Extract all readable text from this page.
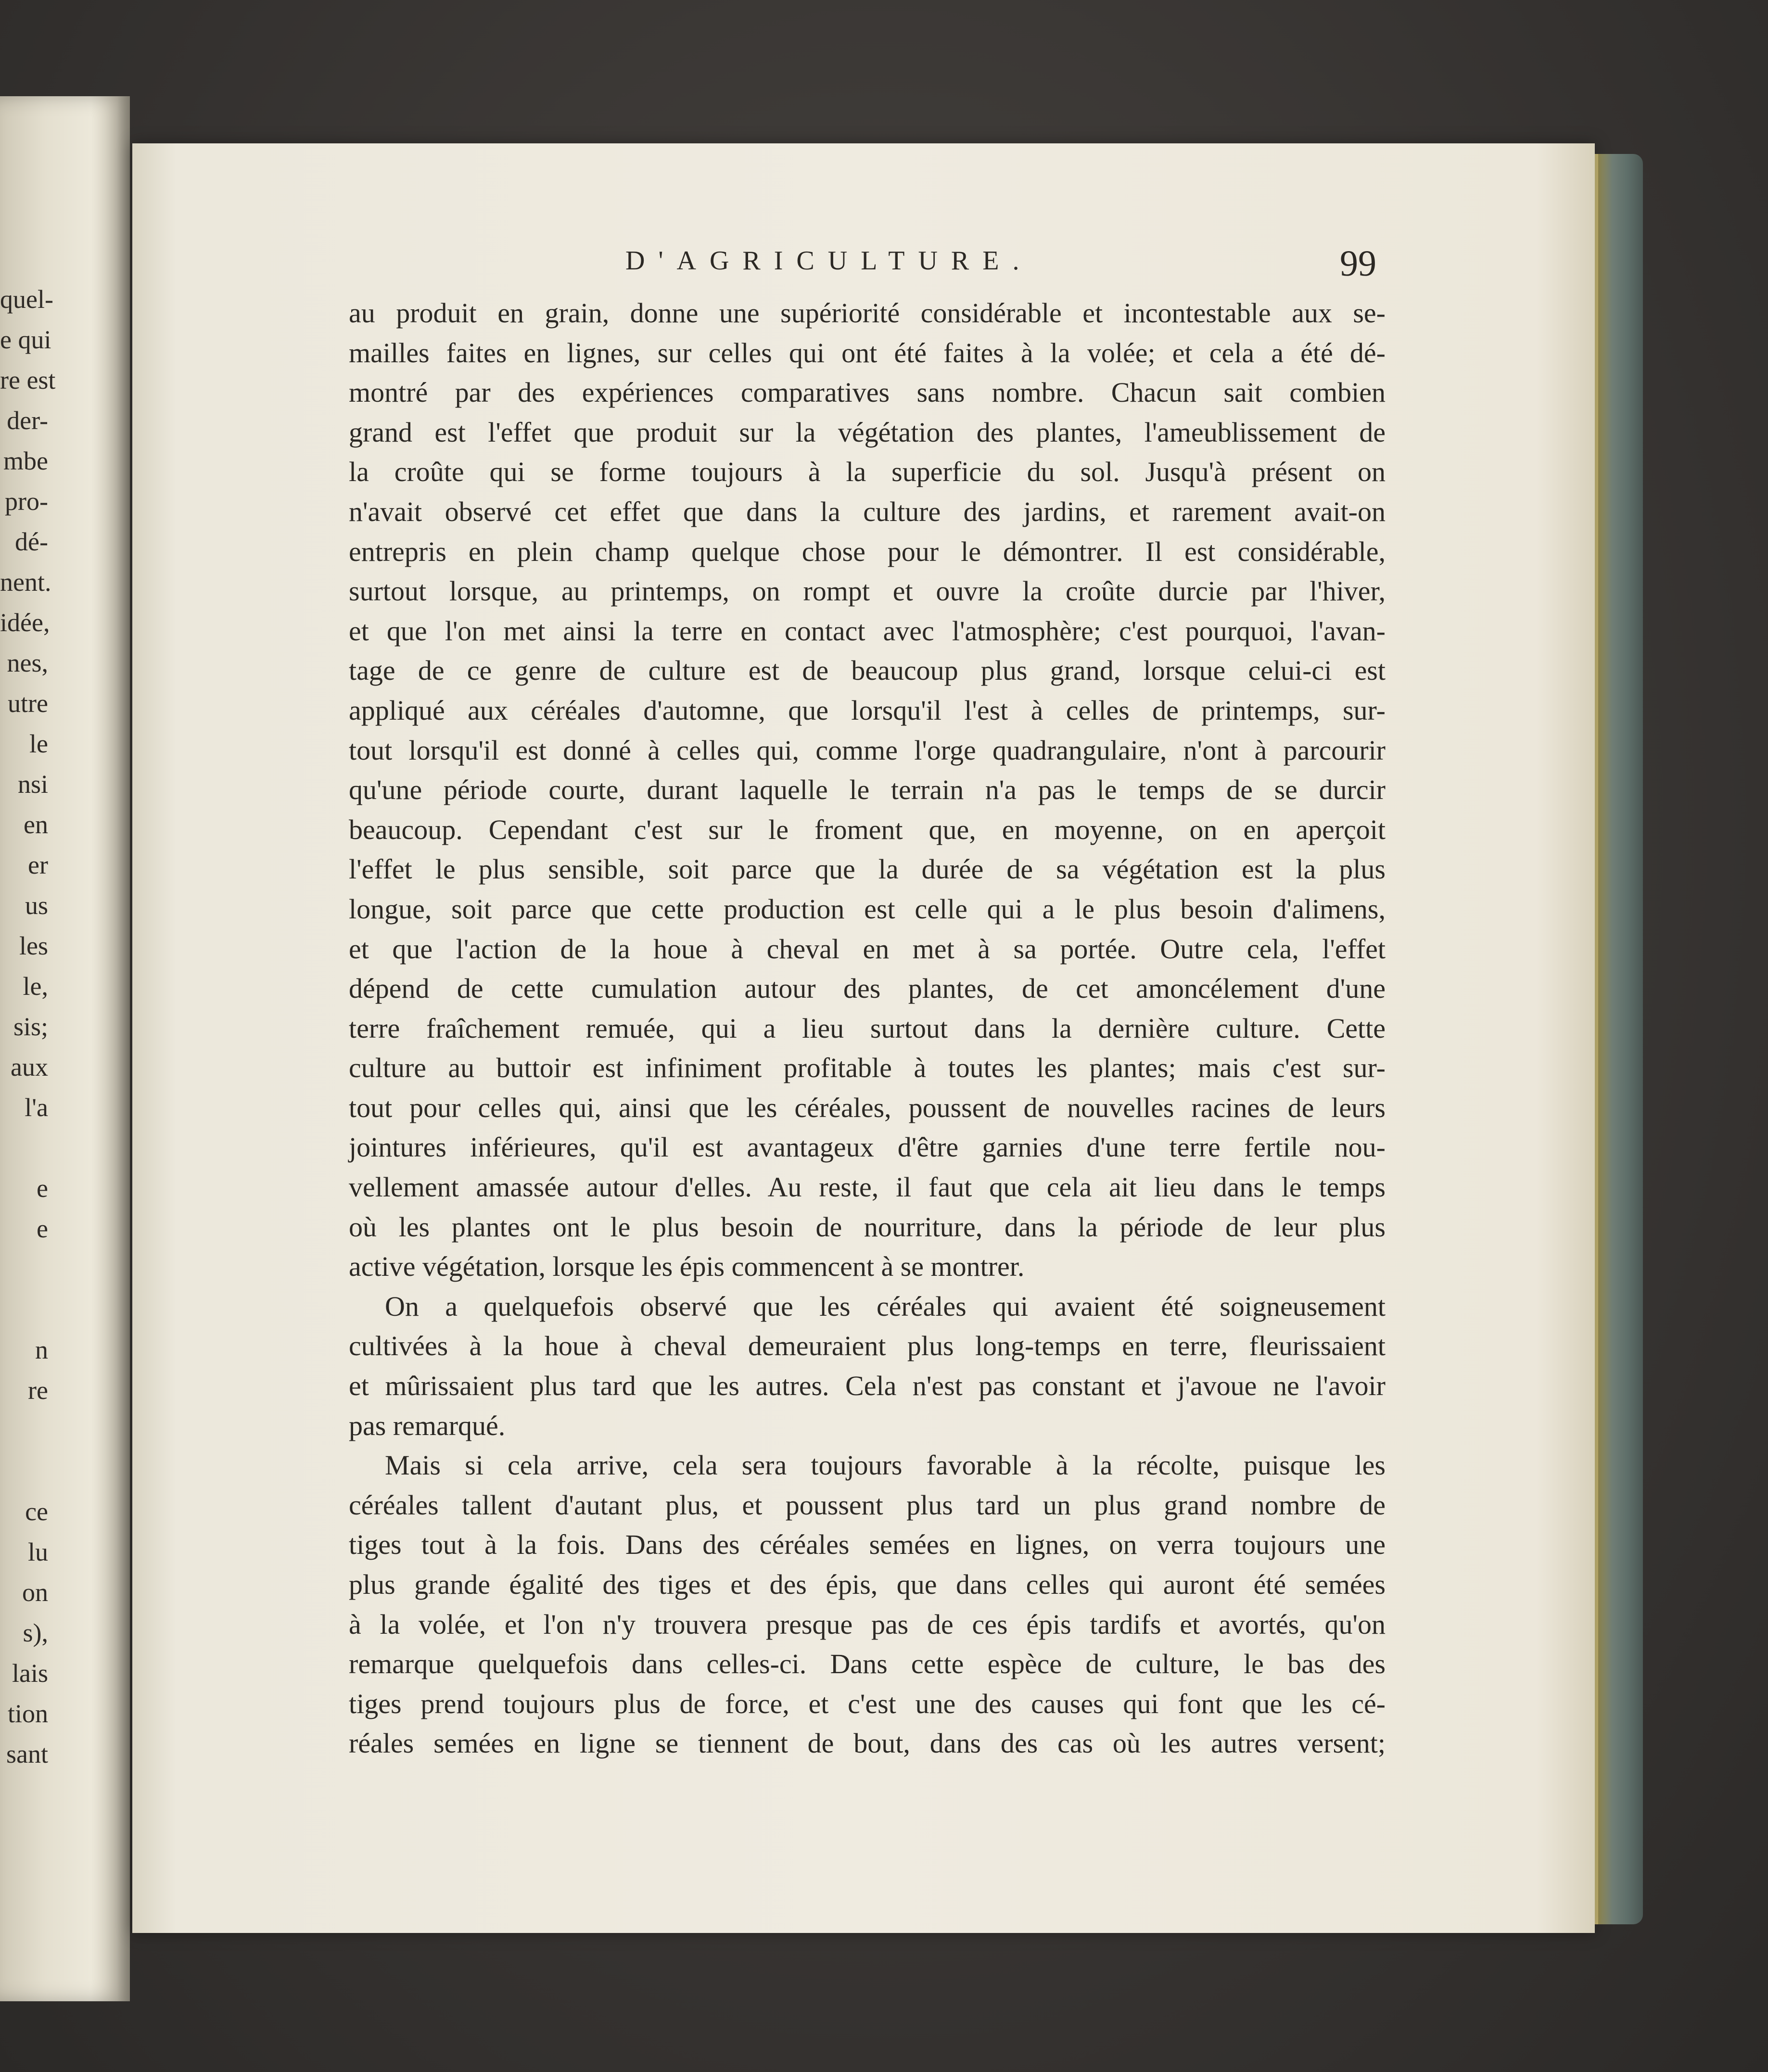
quel-
e qui
re est
der-
mbe
pro-
dé-
nent.
idée,
nes,
utre
le
nsi
en
er
us
les
le,
sis;
aux
l'a
e
e
n
re
ce
lu
on
s),
lais
tion
sant
D'AGRICULTURE.	99
au produit en grain, donne une supériorité considérable et incontestable aux se-
mailles faites en lignes, sur celles qui ont été faites à la volée; et cela a été dé-
montré par des expériences comparatives sans nombre. Chacun sait combien
grand est l'effet que produit sur la végétation des plantes, l'ameublissement de
la croûte qui se forme toujours à la superficie du sol. Jusqu'à présent on
n'avait observé cet effet que dans la culture des jardins, et rarement avait-on
entrepris en plein champ quelque chose pour le démontrer. Il est considérable,
surtout lorsque, au printemps, on rompt et ouvre la croûte durcie par l'hiver,
et que l'on met ainsi la terre en contact avec l'atmosphère; c'est pourquoi, l'avan-
tage de ce genre de culture est de beaucoup plus grand, lorsque celui-ci est
appliqué aux céréales d'automne, que lorsqu'il l'est à celles de printemps, sur-
tout lorsqu'il est donné à celles qui, comme l'orge quadrangulaire, n'ont à parcourir
qu'une période courte, durant laquelle le terrain n'a pas le temps de se durcir
beaucoup. Cependant c'est sur le froment que, en moyenne, on en aperçoit
l'effet le plus sensible, soit parce que la durée de sa végétation est la plus
longue, soit parce que cette production est celle qui a le plus besoin d'alimens,
et que l'action de la houe à cheval en met à sa portée. Outre cela, l'effet
dépend de cette cumulation autour des plantes, de cet amoncélement d'une
terre fraîchement remuée, qui a lieu surtout dans la dernière culture. Cette
culture au buttoir est infiniment profitable à toutes les plantes; mais c'est sur-
tout pour celles qui, ainsi que les céréales, poussent de nouvelles racines de leurs
jointures inférieures, qu'il est avantageux d'être garnies d'une terre fertile nou-
vellement amassée autour d'elles. Au reste, il faut que cela ait lieu dans le temps
où les plantes ont le plus besoin de nourriture, dans la période de leur plus
active végétation, lorsque les épis commencent à se montrer.
On a quelquefois observé que les céréales qui avaient été soigneusement
cultivées à la houe à cheval demeuraient plus long-temps en terre, fleurissaient
et mûrissaient plus tard que les autres. Cela n'est pas constant et j'avoue ne l'avoir
pas remarqué.
Mais si cela arrive, cela sera toujours favorable à la récolte, puisque les
céréales tallent d'autant plus, et poussent plus tard un plus grand nombre de
tiges tout à la fois. Dans des céréales semées en lignes, on verra toujours une
plus grande égalité des tiges et des épis, que dans celles qui auront été semées
à la volée, et l'on n'y trouvera presque pas de ces épis tardifs et avortés, qu'on
remarque quelquefois dans celles-ci. Dans cette espèce de culture, le bas des
tiges prend toujours plus de force, et c'est une des causes qui font que les cé-
réales semées en ligne se tiennent de bout, dans des cas où les autres versent;
